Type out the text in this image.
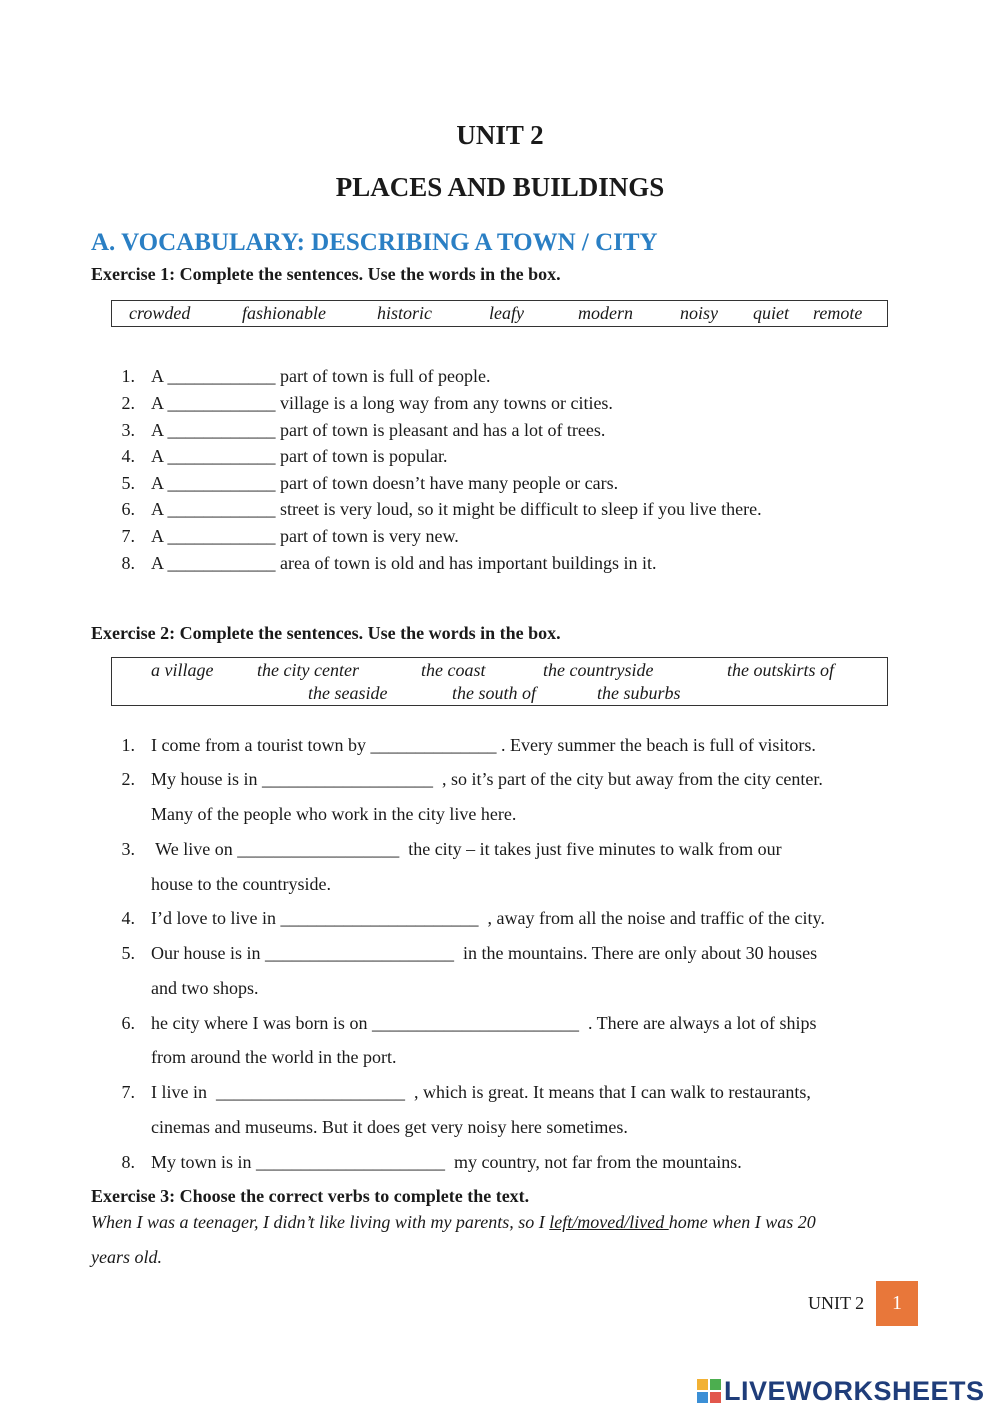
UNIT 2
PLACES AND BUILDINGS
A. VOCABULARY: DESCRIBING A TOWN / CITY
Exercise 1: Complete the sentences. Use the words in the box.
crowded	fashionable	historic	leafy	modern	noisy quiet remote
1. A ____________ part of town is full of people.
2. A ____________ village is a long way from any towns or cities.
3. A ____________ part of town is pleasant and has a lot of trees.
4. A ____________ part of town is popular.
5. A ____________ part of town doesn’t have many people or cars.
6. A ____________ street is very loud, so it might be difficult to sleep if you live there.
7. A ____________ part of town is very new.
8. A ____________ area of town is old and has important buildings in it.
Exercise 2: Complete the sentences. Use the words in the box.
a village the city center	the coast	the countryside	the outskirts of
the seaside	the south of	the suburbs
1. I come from a tourist town by ______________ . Every summer the beach is full of visitors.
2. My house is in ___________________  , so it’s part of the city but away from the city center.
Many of the people who work in the city live here.
3. We live on __________________  the city – it takes just five minutes to walk from our
house to the countryside.
4. I’d love to live in ______________________  , away from all the noise and traffic of the city.
5. Our house is in _____________________  in the mountains. There are only about 30 houses
and two shops.
6. he city where I was born is on _______________________  . There are always a lot of ships
from around the world in the port.
7. I live in  _____________________  , which is great. It means that I can walk to restaurants,
cinemas and museums. But it does get very noisy here sometimes.
8. My town is in _____________________  my country, not far from the mountains.
Exercise 3: Choose the correct verbs to complete the text.
When I was a teenager, I didn’t like living with my parents, so I left/moved/lived home when I was 20
years old.
UNIT 2	1
LIVEWORKSHEETS
